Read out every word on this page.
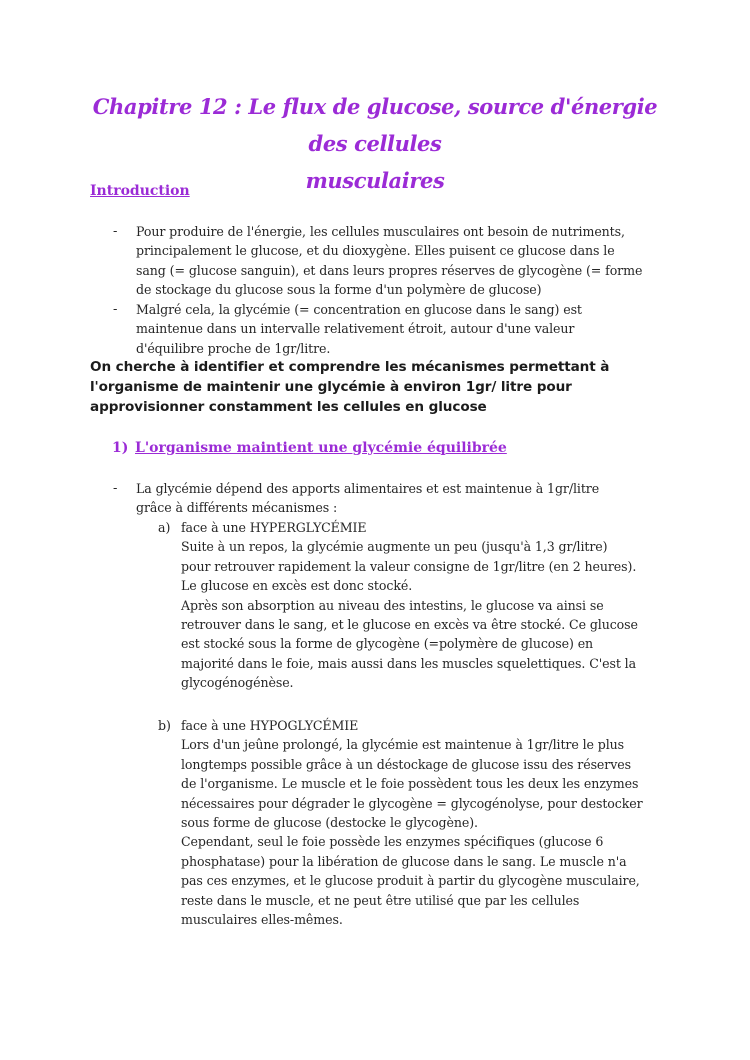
Chapitre 12 : Le flux de glucose, source d'énergie des cellules
musculaires
Introduction
-	Pour produire de l'énergie, les cellules musculaires ont besoin de nutriments,
principalement le glucose, et du dioxygène. Elles puisent ce glucose dans le
sang (= glucose sanguin), et dans leurs propres réserves de glycogène (= forme
de stockage du glucose sous la forme d'un polymère de glucose)
-	Malgré cela, la glycémie (= concentration en glucose dans le sang) est
maintenue dans un intervalle relativement étroit, autour d'une valeur
d'équilibre proche de 1gr/litre.
On cherche à identifier et comprendre les mécanismes permettant à
l'organisme de maintenir une glycémie à environ 1gr/ litre pour
approvisionner constamment les cellules en glucose
1) L'organisme maintient une glycémie équilibrée
-	La glycémie dépend des apports alimentaires et est maintenue à 1gr/litre
grâce à différents mécanismes :
a) face à une HYPERGLYCÉMIE
Suite à un repos, la glycémie augmente un peu (jusqu'à 1,3 gr/litre)
pour retrouver rapidement la valeur consigne de 1gr/litre (en 2 heures).
Le glucose en excès est donc stocké.
Après son absorption au niveau des intestins, le glucose va ainsi se
retrouver dans le sang, et le glucose en excès va être stocké. Ce glucose
est stocké sous la forme de glycogène (=polymère de glucose) en
majorité dans le foie, mais aussi dans les muscles squelettiques. C'est la
glycogénogénèse.
b) face à une HYPOGLYCÉMIE
Lors d'un jeûne prolongé, la glycémie est maintenue à 1gr/litre le plus
longtemps possible grâce à un déstockage de glucose issu des réserves
de l'organisme. Le muscle et le foie possèdent tous les deux les enzymes
nécessaires pour dégrader le glycogène = glycogénolyse, pour destocker
sous forme de glucose (destocke le glycogène).
Cependant, seul le foie possède les enzymes spécifiques (glucose 6
phosphatase) pour la libération de glucose dans le sang. Le muscle n'a
pas ces enzymes, et le glucose produit à partir du glycogène musculaire,
reste dans le muscle, et ne peut être utilisé que par les cellules
musculaires elles-mêmes.
